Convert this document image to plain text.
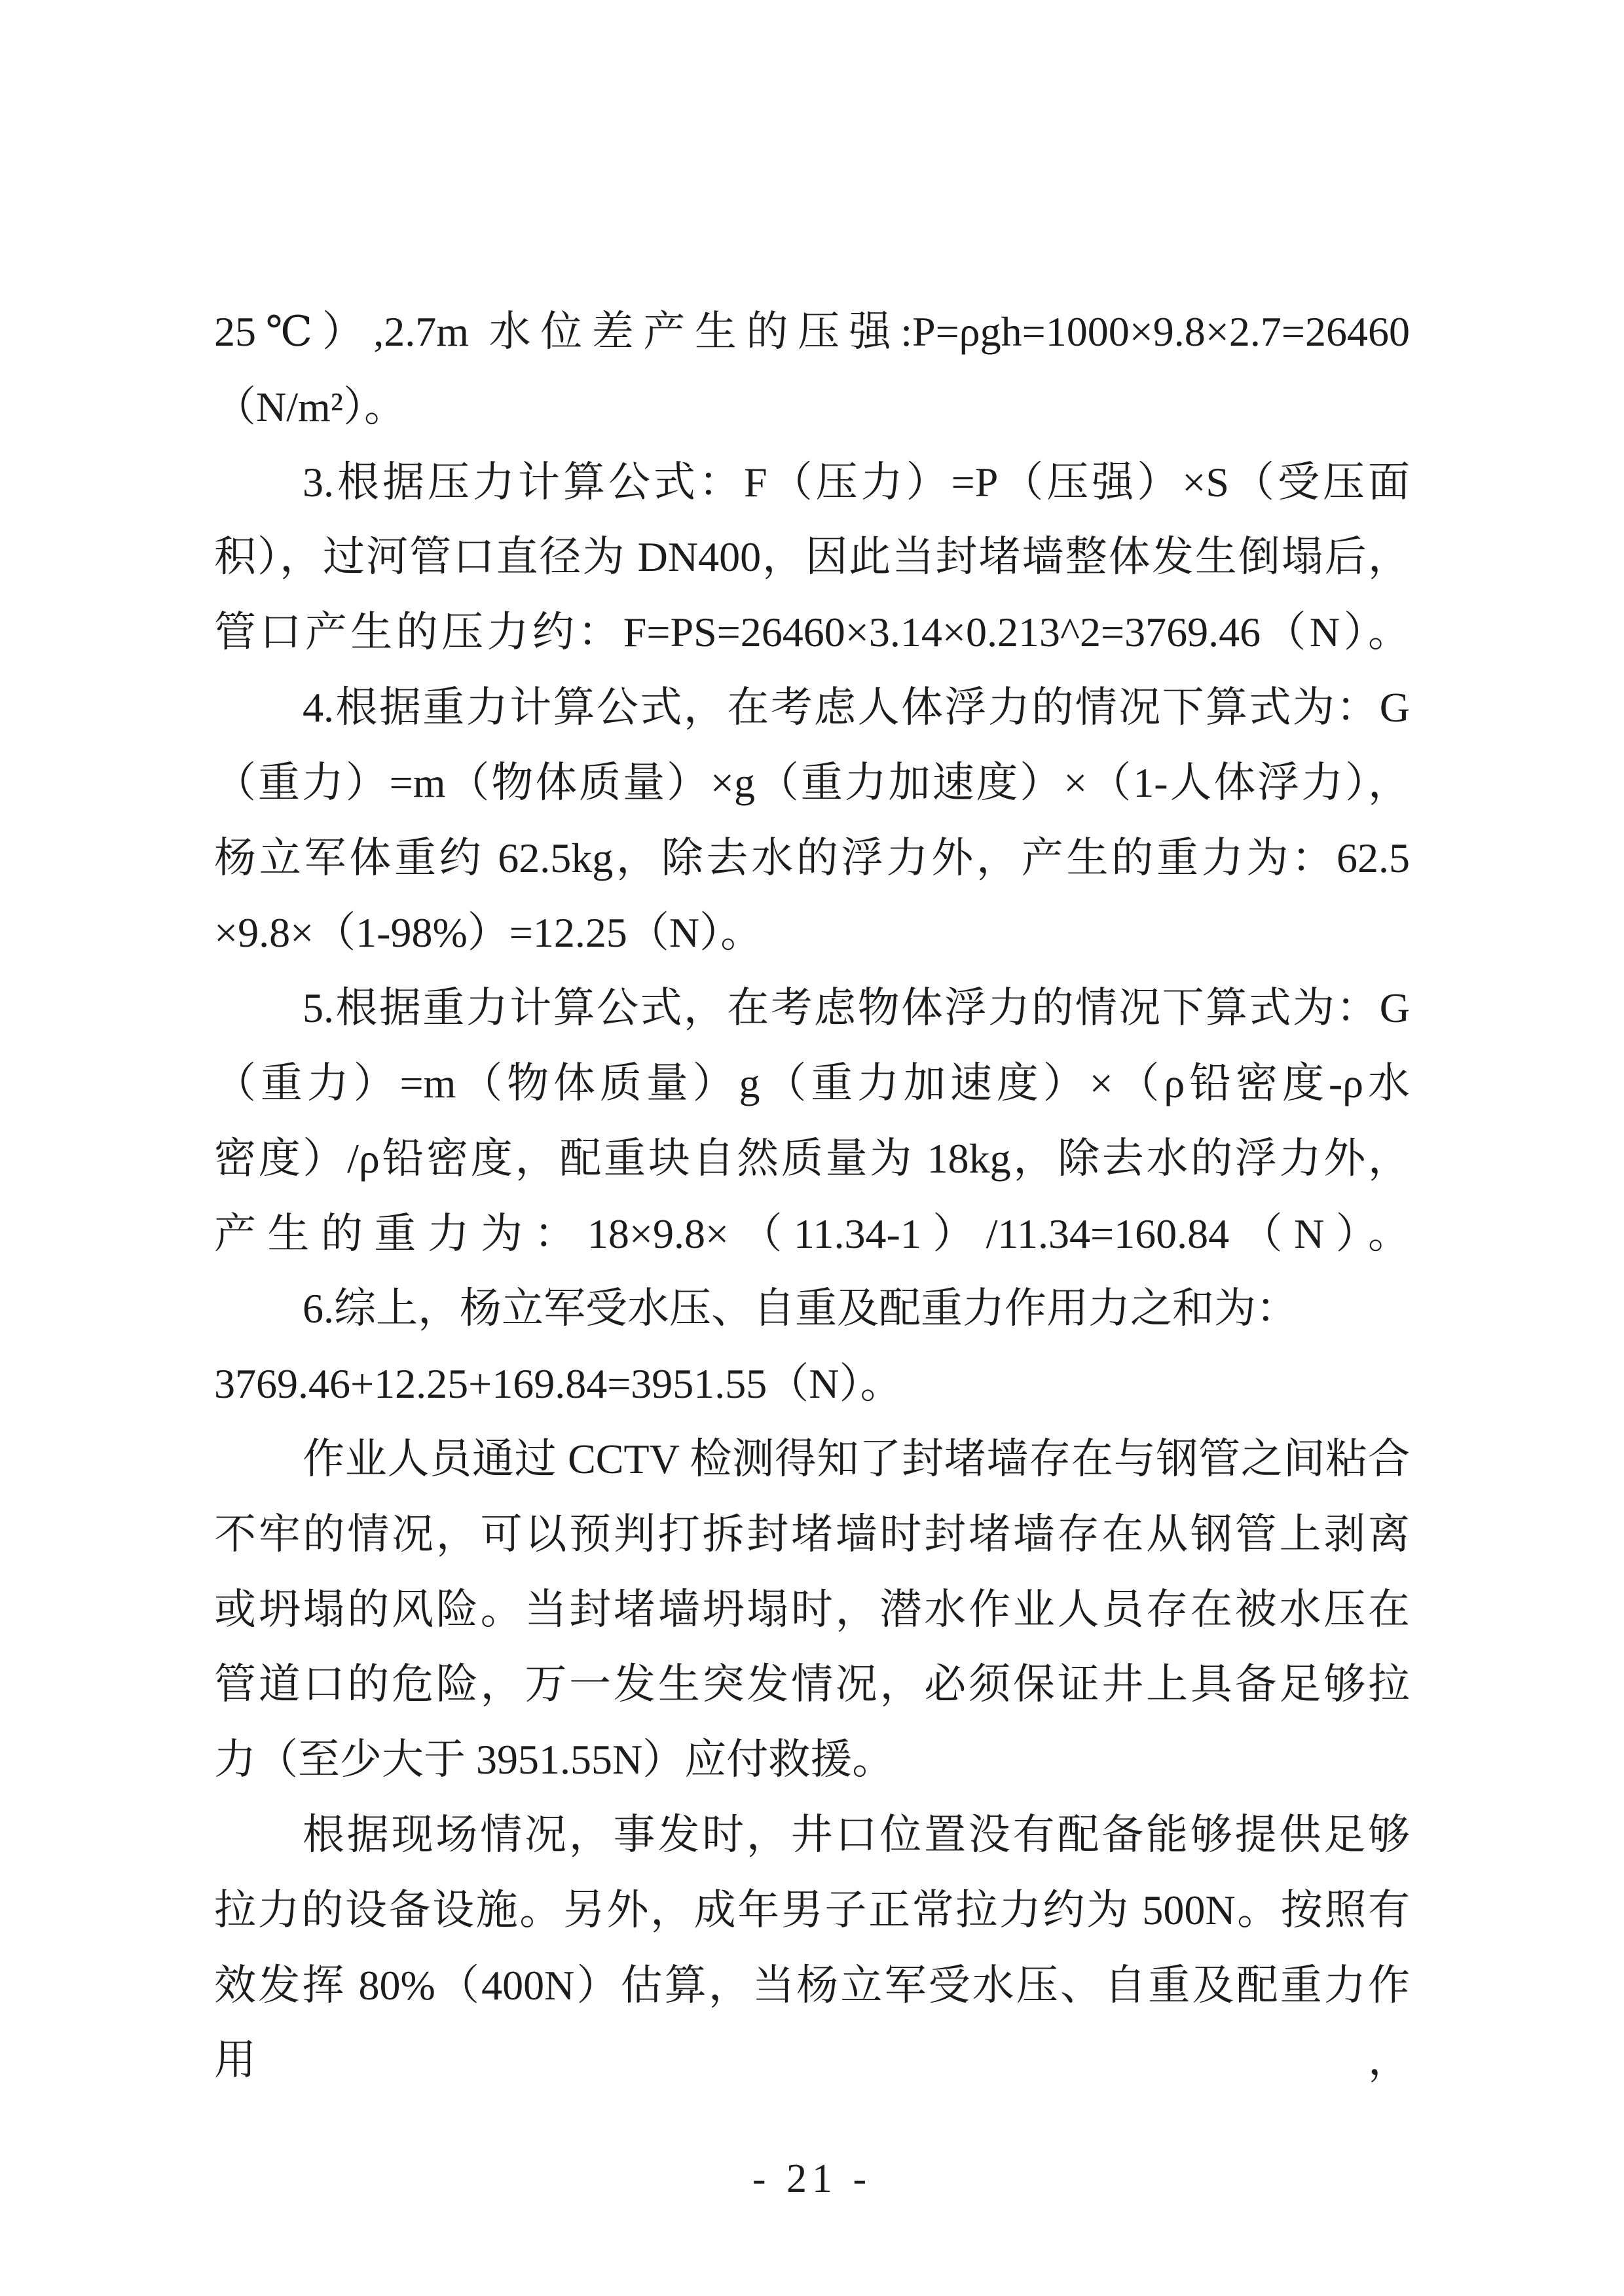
25℃）,2.7m 水位差产生的压强:P=ρgh=1000×9.8×2.7=26460
（N/m²）。
3.根据压力计算公式：F（压力）=P（压强）×S（受压面
积），过河管口直径为 DN400，因此当封堵墙整体发生倒塌后，
管口产生的压力约：F=PS=26460×3.14×0.213^2=3769.46（N）。
4.根据重力计算公式，在考虑人体浮力的情况下算式为：G
（重力）=m（物体质量）×g（重力加速度）×（1-人体浮力），
杨立军体重约 62.5kg，除去水的浮力外，产生的重力为：62.5
×9.8×（1-98%）=12.25（N）。
5.根据重力计算公式，在考虑物体浮力的情况下算式为：G
（重力）=m（物体质量）g（重力加速度）×（ρ铅密度-ρ水
密度）/ρ铅密度，配重块自然质量为 18kg，除去水的浮力外，
产生的重力为：18×9.8×（11.34-1）/11.34=160.84（N）。
6.综上，杨立军受水压、自重及配重力作用力之和为：
3769.46+12.25+169.84=3951.55（N）。
作业人员通过 CCTV 检测得知了封堵墙存在与钢管之间粘合
不牢的情况，可以预判打拆封堵墙时封堵墙存在从钢管上剥离
或坍塌的风险。当封堵墙坍塌时，潜水作业人员存在被水压在
管道口的危险，万一发生突发情况，必须保证井上具备足够拉
力（至少大于 3951.55N）应付救援。
根据现场情况，事发时，井口位置没有配备能够提供足够
拉力的设备设施。另外，成年男子正常拉力约为 500N。按照有
效发挥 80%（400N）估算，当杨立军受水压、自重及配重力作用，
- 21 -
